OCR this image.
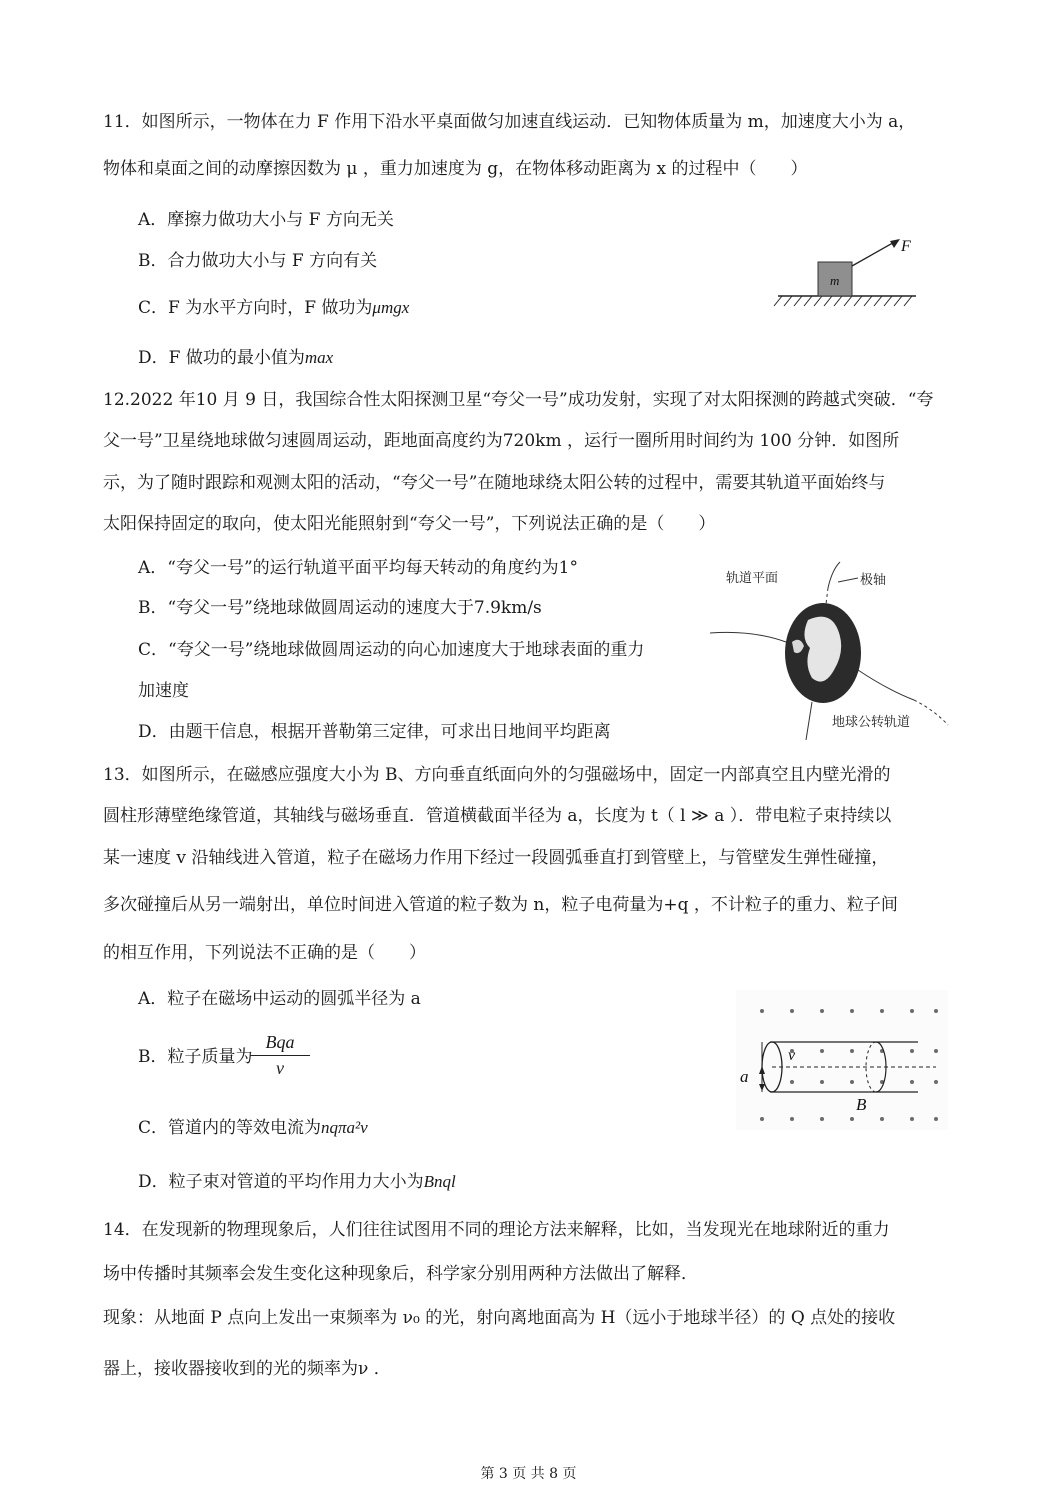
11．如图所示，一物体在力 F 作用下沿水平桌面做匀加速直线运动．已知物体质量为 m，加速度大小为 a，
物体和桌面之间的动摩擦因数为 μ ，重力加速度为 g，在物体移动距离为 x 的过程中（　　）
A．摩擦力做功大小与 F 方向无关
B．合力做功大小与 F 方向有关
C．F 为水平方向时，F 做功为μmgx
D．F 做功的最小值为max
m
F
12.2022 年10 月 9 日，我国综合性太阳探测卫星“夸父一号”成功发射，实现了对太阳探测的跨越式突破．“夸
父一号”卫星绕地球做匀速圆周运动，距地面高度约为720km ，运行一圈所用时间约为 100 分钟．如图所
示，为了随时跟踪和观测太阳的活动，“夸父一号”在随地球绕太阳公转的过程中，需要其轨道平面始终与
太阳保持固定的取向，使太阳光能照射到“夸父一号”，下列说法正确的是（　　）
A．“夸父一号”的运行轨道平面平均每天转动的角度约为1°
B．“夸父一号”绕地球做圆周运动的速度大于7.9km/s
C．“夸父一号”绕地球做圆周运动的向心加速度大于地球表面的重力
加速度
D．由题干信息，根据开普勒第三定律，可求出日地间平均距离
轨道平面	极轴
地球公转轨道
13．如图所示，在磁感应强度大小为 B、方向垂直纸面向外的匀强磁场中，固定一内部真空且内壁光滑的
圆柱形薄壁绝缘管道，其轴线与磁场垂直．管道横截面半径为 a，长度为 t（ l ≫ a ）．带电粒子束持续以
某一速度 v 沿轴线进入管道，粒子在磁场力作用下经过一段圆弧垂直打到管壁上，与管壁发生弹性碰撞，
多次碰撞后从另一端射出，单位时间进入管道的粒子数为 n，粒子电荷量为+q ，不计粒子的重力、粒子间
的相互作用，下列说法不正确的是（　　）
A．粒子在磁场中运动的圆弧半径为 a
B．粒子质量为
Bqa
v
C．管道内的等效电流为nqπa²v
D．粒子束对管道的平均作用力大小为Bnql
a
v
B
14．在发现新的物理现象后，人们往往试图用不同的理论方法来解释，比如，当发现光在地球附近的重力
场中传播时其频率会发生变化这种现象后，科学家分别用两种方法做出了解释．
现象：从地面 P 点向上发出一束频率为 ν₀ 的光，射向离地面高为 H（远小于地球半径）的 Q 点处的接收
器上，接收器接收到的光的频率为ν ．
第 3 页 共 8 页
